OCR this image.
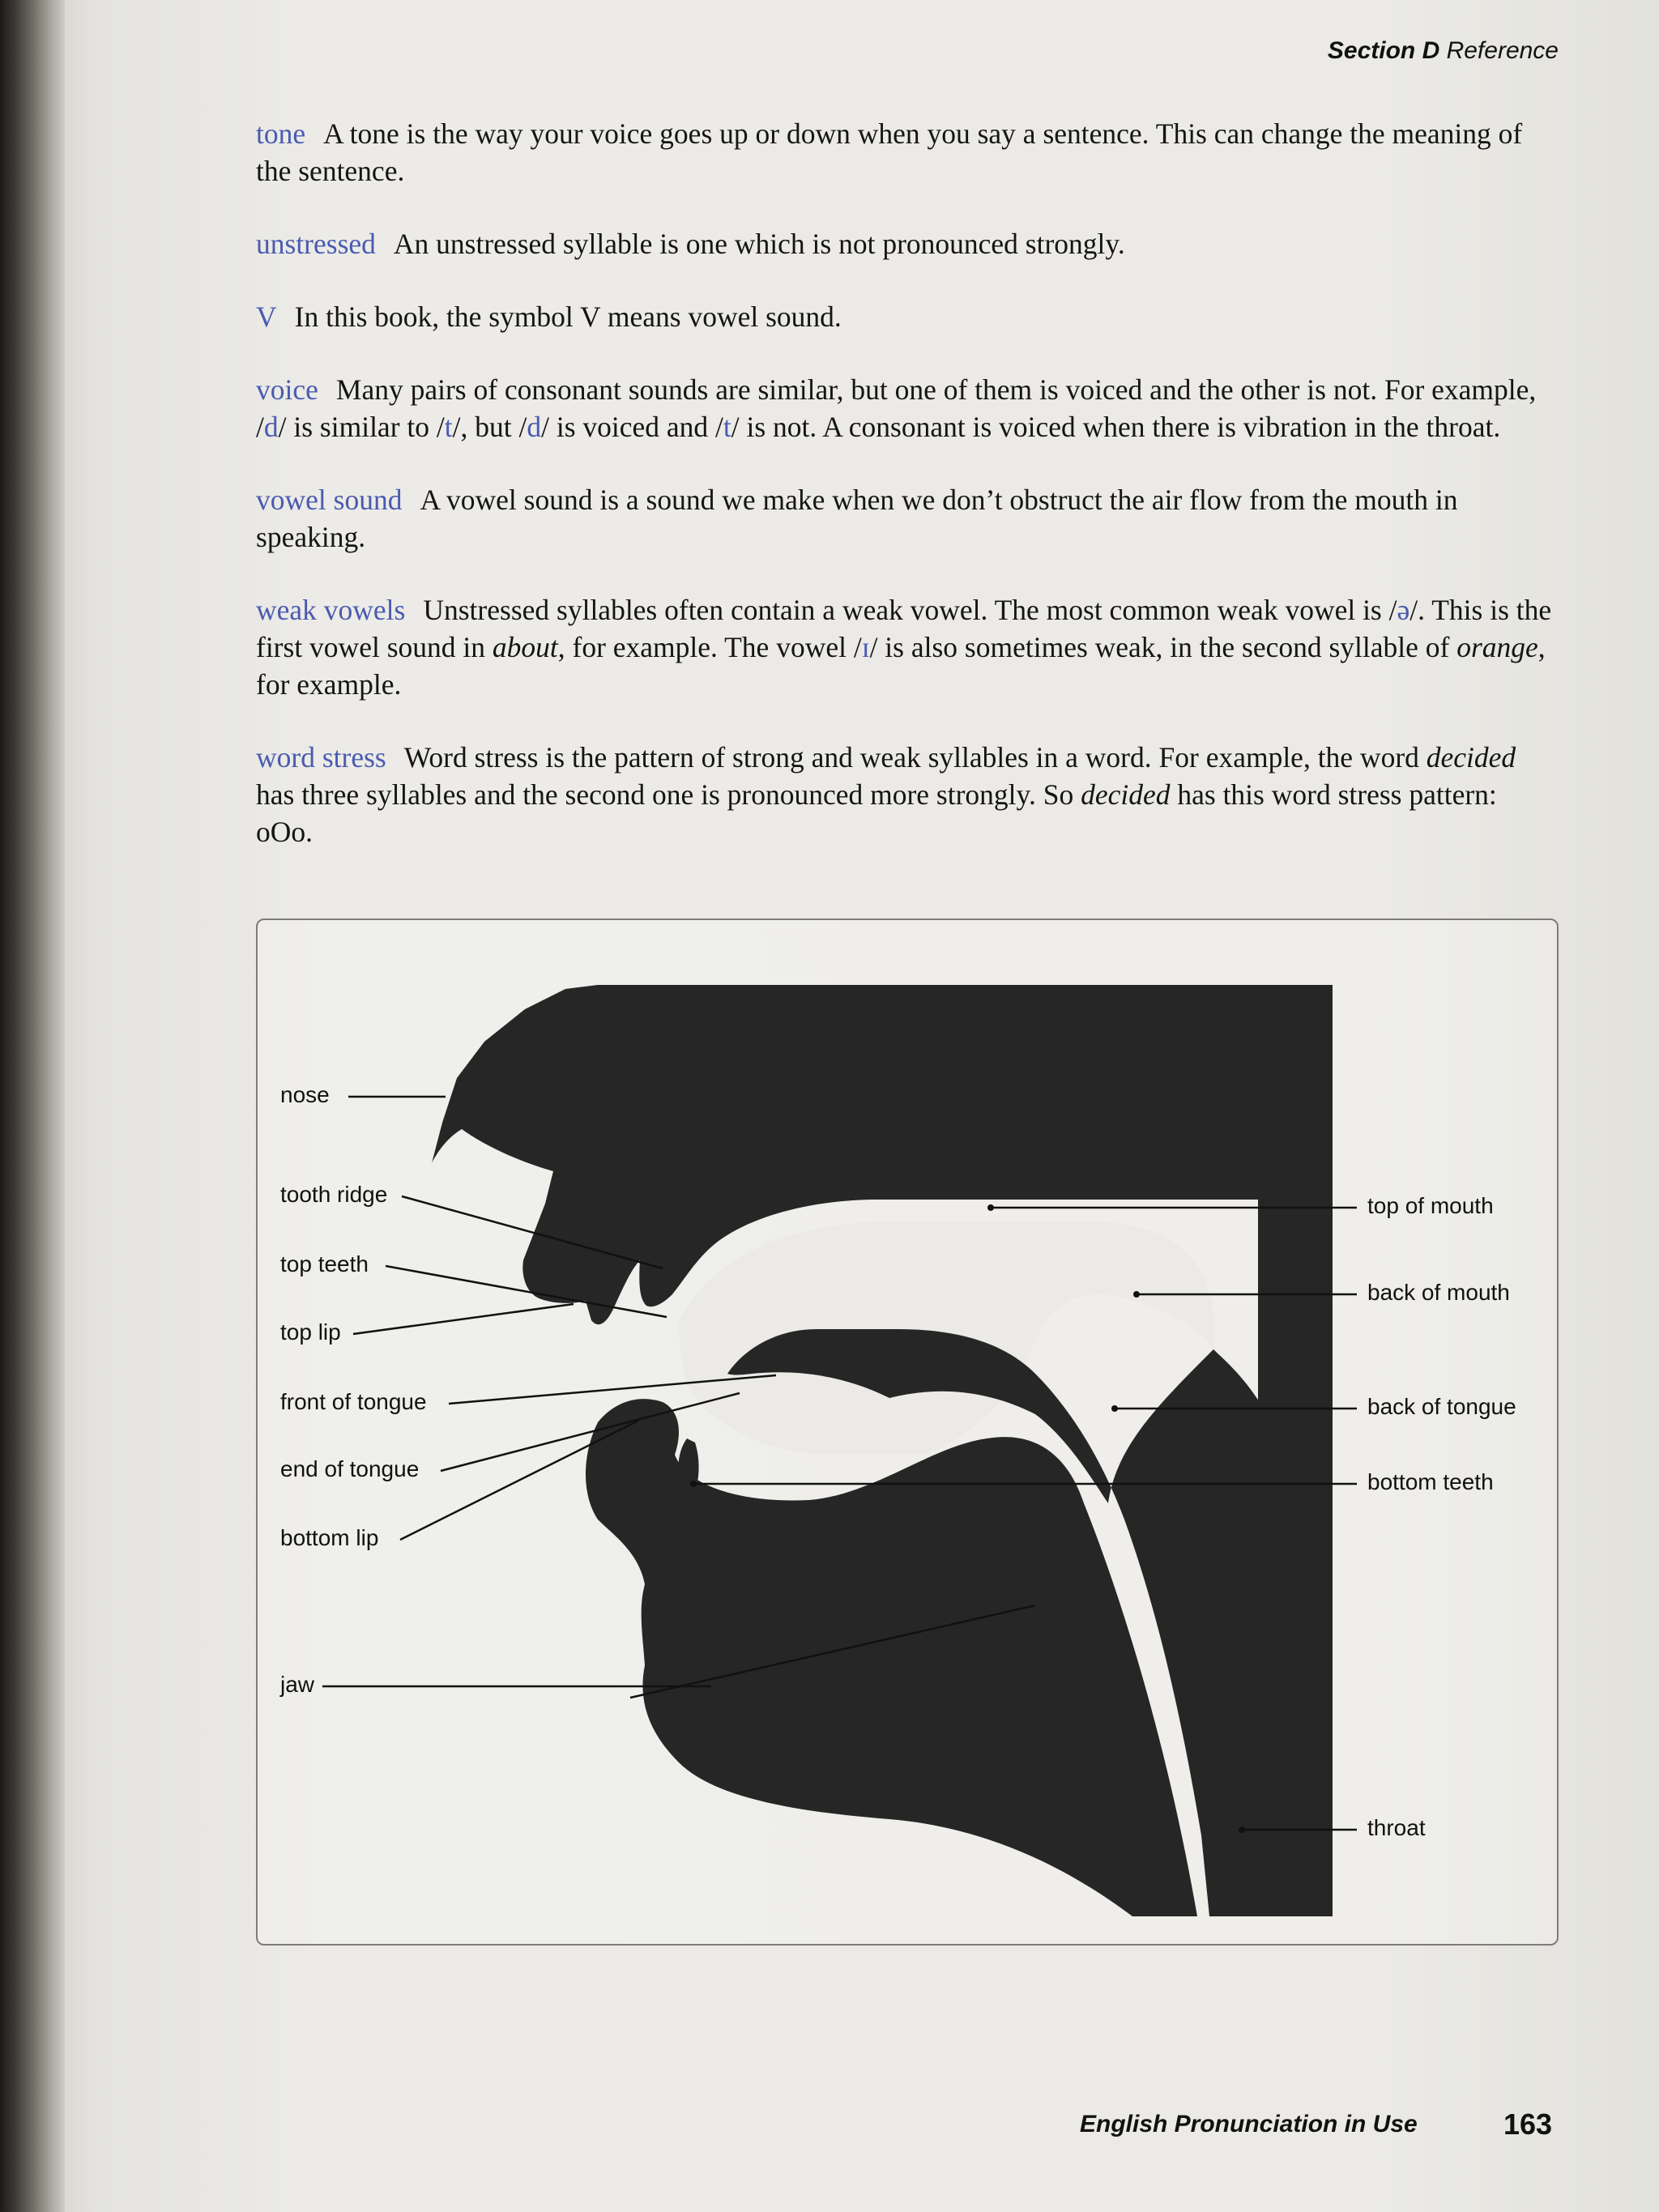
Section D Reference

tone A tone is the way your voice goes up or down when you say a sentence. This can change the meaning of the sentence.

unstressed An unstressed syllable is one which is not pronounced strongly.

V In this book, the symbol V means vowel sound.

voice Many pairs of consonant sounds are similar, but one of them is voiced and the other is not. For example, /d/ is similar to /t/, but /d/ is voiced and /t/ is not. A consonant is voiced when there is vibration in the throat.

vowel sound A vowel sound is a sound we make when we don’t obstruct the air flow from the mouth in speaking.

weak vowels Unstressed syllables often contain a weak vowel. The most common weak vowel is /ə/. This is the first vowel sound in about, for example. The vowel /ɪ/ is also sometimes weak, in the second syllable of orange, for example.

word stress Word stress is the pattern of strong and weak syllables in a word. For example, the word decided has three syllables and the second one is pronounced more strongly. So decided has this word stress pattern: oOo.

nose
tooth ridge
top teeth
top lip
front of tongue
end of tongue
bottom lip
jaw
top of mouth
back of mouth
back of tongue
bottom teeth
throat
English Pronunciation in Use	163
